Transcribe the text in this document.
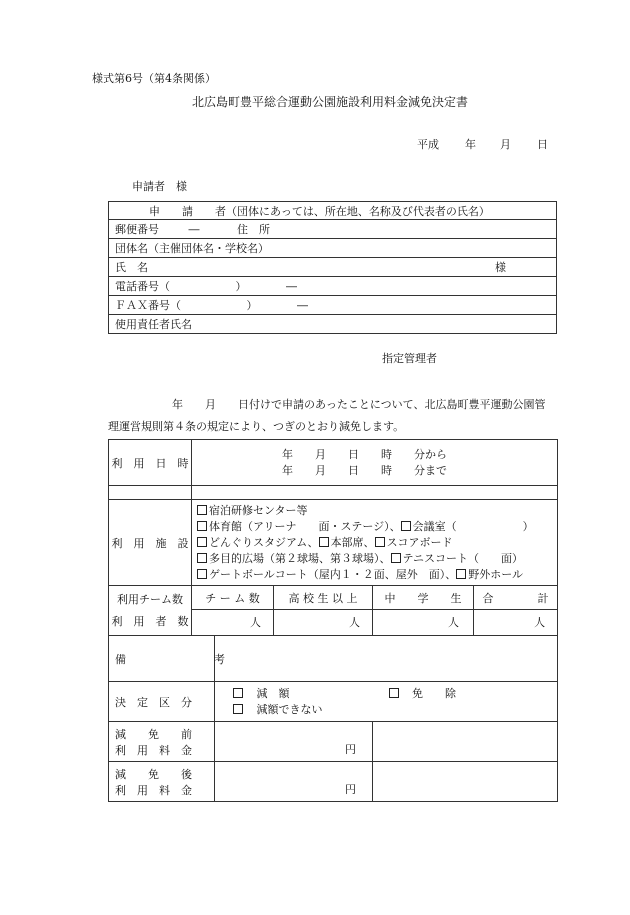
様式第6号（第4条関係）
北広島町豊平総合運動公園施設利用料金減免決定書
平成 年 月 日
申請者　様
申　　請　　者（団体にあっては、所在地、名称及び代表者の氏名）
郵便番号	―	住　所
団体名（主催団体名・学校名）

氏　名	様

電話番号（	）	―
ＦＡＸ番号（	）	―
使用責任者氏名
指定管理者
年　　月　　日付けで申請のあったことについて、北広島町豊平運動公園管
理運営規則第４条の規定により、つぎのとおり減免します。
利　用　日　時	年　　月　　日　　時　　分から
年　　月　　日　　時　　分まで				

利　用　施　設	宿泊研修センター等
体育館（アリーナ　　面・ステージ）、 会議室（　　　　　　）
どんぐりスタジアム、 本部席、 スコアボード
多目的広場（第２球場、第３球場）、 テニスコート（　　面）
ゲートボールコート（屋内１・２面、屋外　面）、 野外ホール				

利用チーム数
利　用　者　数	チ ー ム 数		高 校 生 以 上	中　　学　　生	合　　　　計
	人		人	人	人
備　　　　　　　　考					
決　定　区　分		減　額 免　　除
減額できない			

減　　免　　前
利　用　料　金		円			

減　　免　　後
利　用　料　金		円			
